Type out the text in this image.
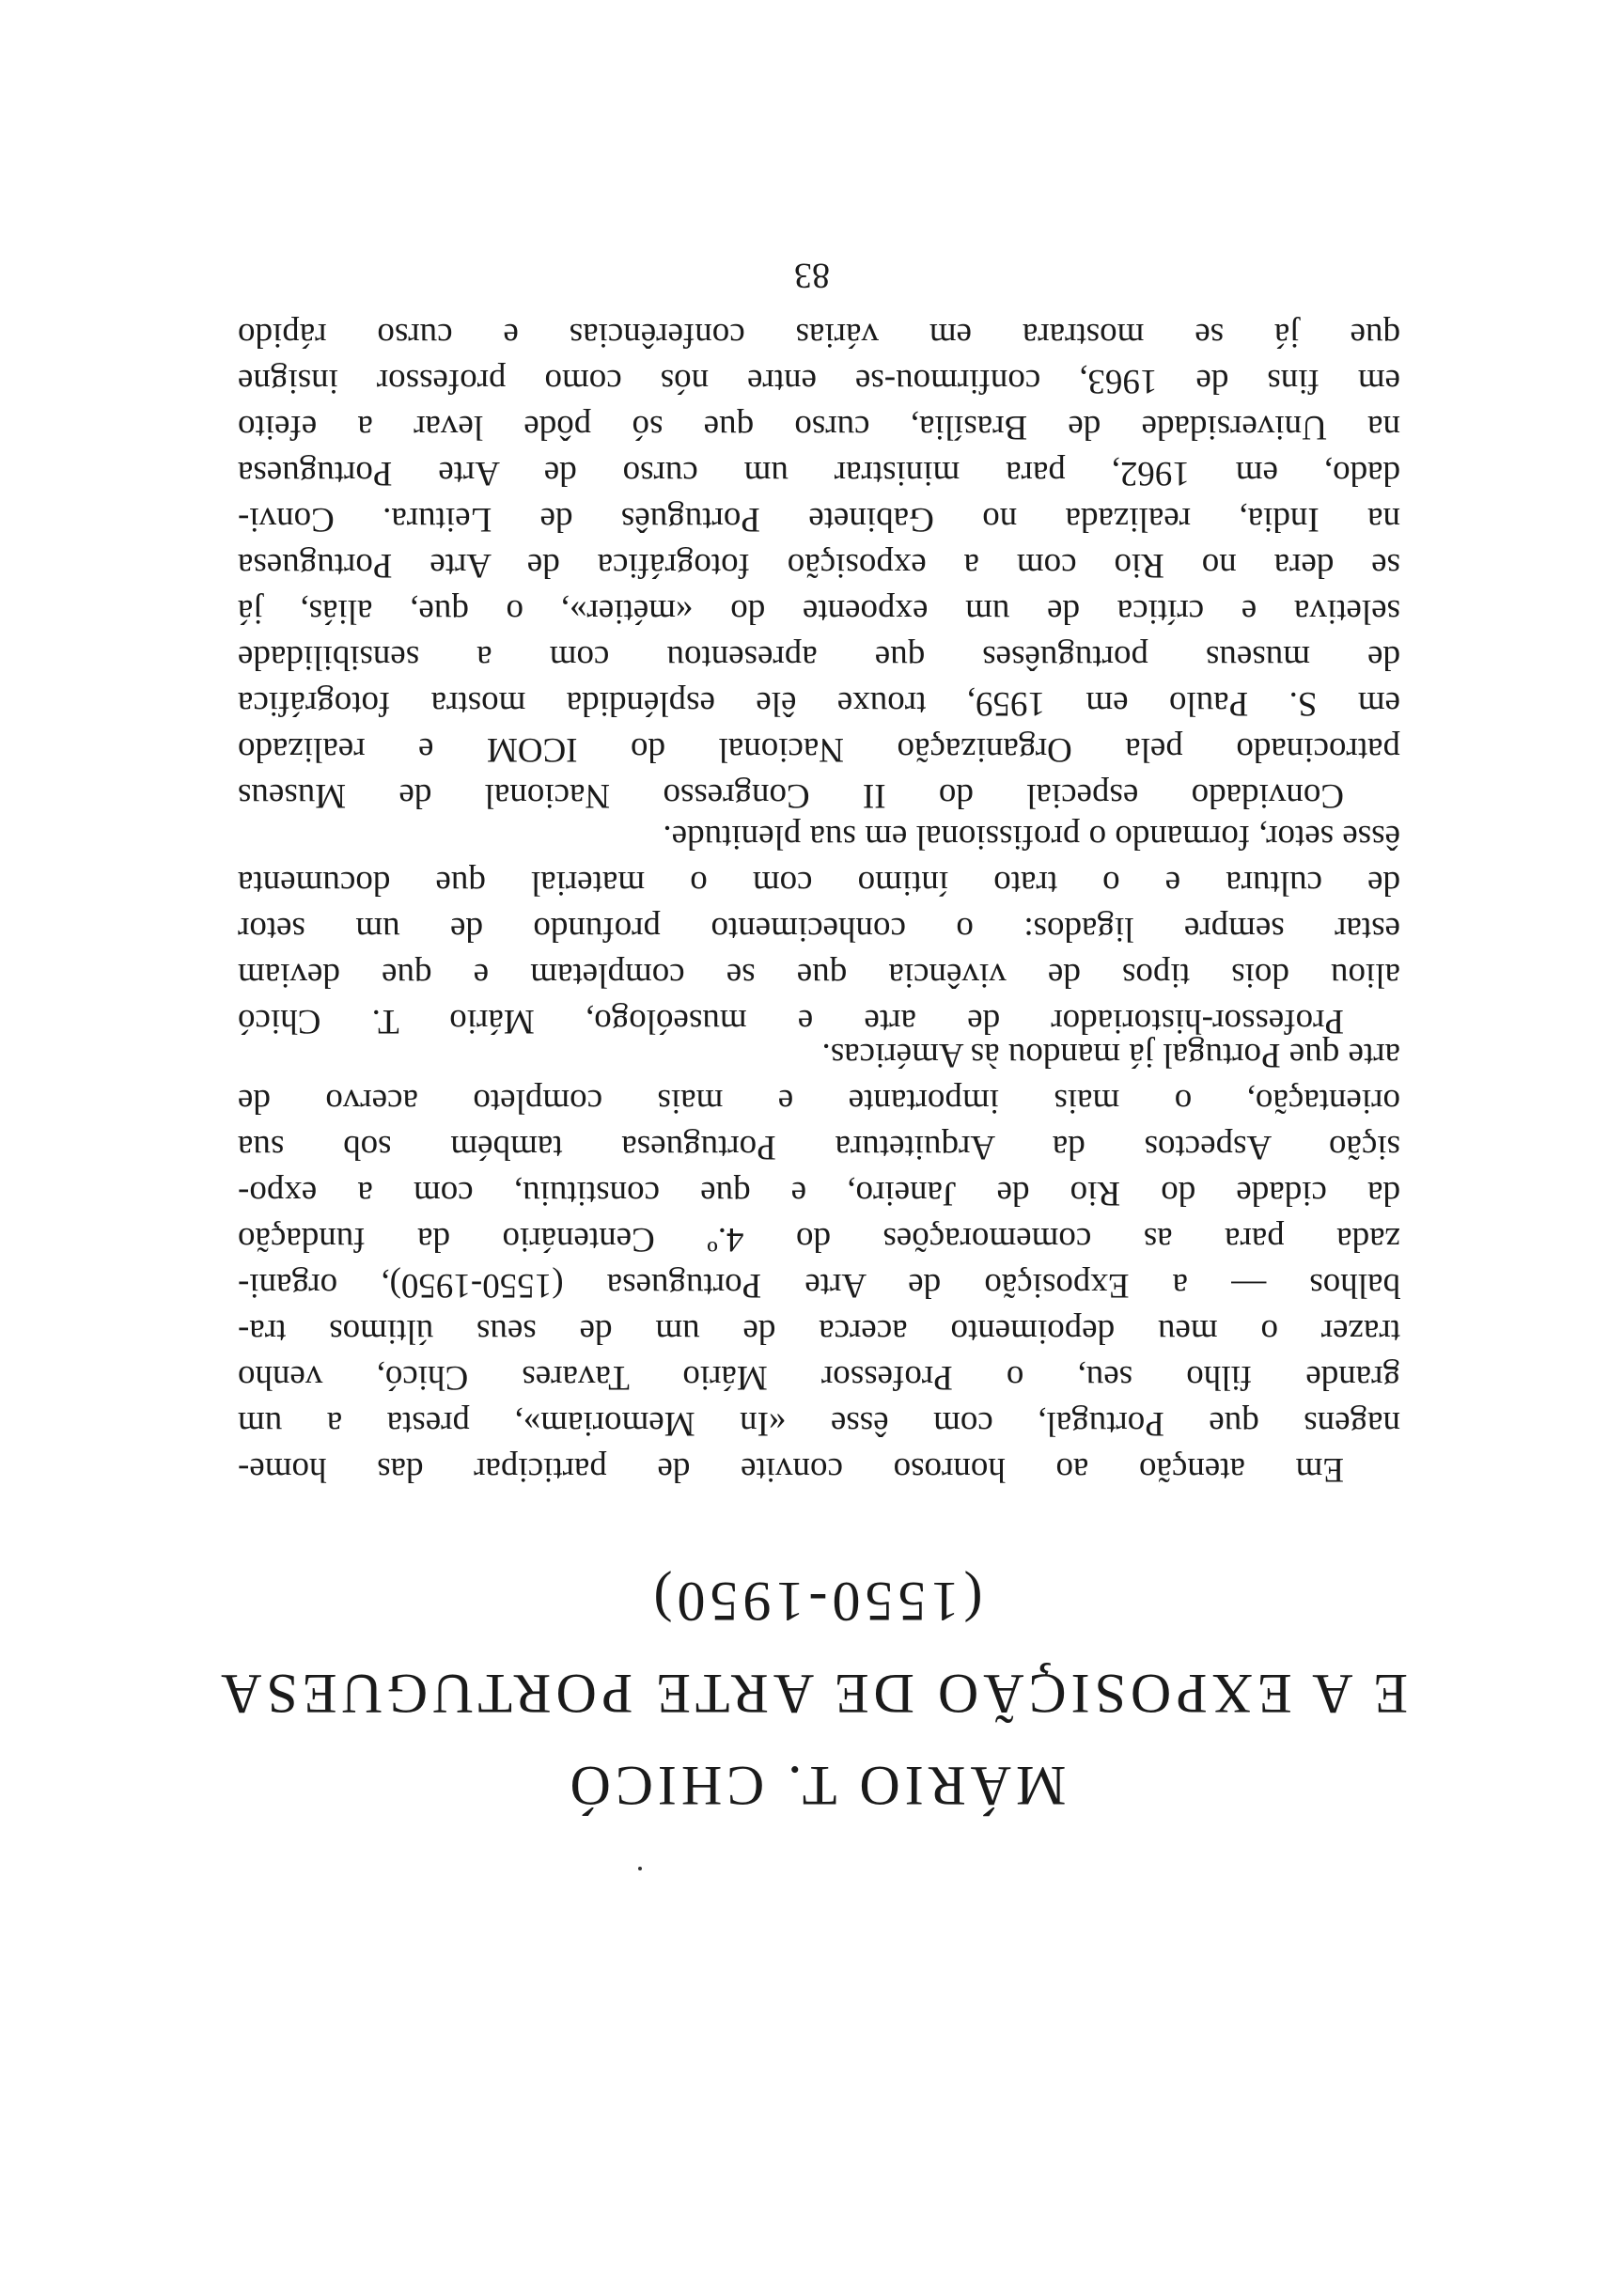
MÁRIO T. CHICÓ
E A EXPOSIÇÃO DE ARTE PORTUGUESA
(1550-1950)
Em atenção ao honroso convite de participar das home-
nagens que Portugal, com êsse «In Memoriam», presta a um
grande filho seu, o Professor Mário Tavares Chicó, venho
trazer o meu depoimento acerca de um de seus últimos tra-
balhos — a Exposição de Arte Portuguesa (1550-1950), organi-
zada para as comemorações do 4.º Centenário da fundação
da cidade do Rio de Janeiro, e que constituiu, com a expo-
sição Aspectos da Arquitetura Portuguesa também sob sua
orientação, o mais importante e mais completo acervo de
arte que Portugal já mandou às Américas.
Professor-historiador de arte e museólogo, Mário T. Chicó
aliou dois tipos de vivência que se completam e que deviam
estar sempre ligados: o conhecimento profundo de um setor
de cultura e o trato íntimo com o material que documenta
êsse setor, formando o profissional em sua plenitude.
Convidado especial do II Congresso Nacional de Museus
patrocinado pela Organização Nacional do ICOM e realizado
em S. Paulo em 1959, trouxe êle espléndida mostra fotográfica
de museus portuguêses que apresentou com a sensibilidade
seletiva e crítica de um expoente do «métier», o que, aliás, já
se dera no Rio com a exposição fotográfica de Arte Portuguesa
na India, realizada no Gabinete Português de Leitura. Convi-
dado, em 1962, para ministrar um curso de Arte Portuguesa
na Universidade de Brasília, curso que só pôde levar a efeito
em fins de 1963, confirmou-se entre nós como professor insigne
que já se mostrara em várias conferências e curso rápido
83
